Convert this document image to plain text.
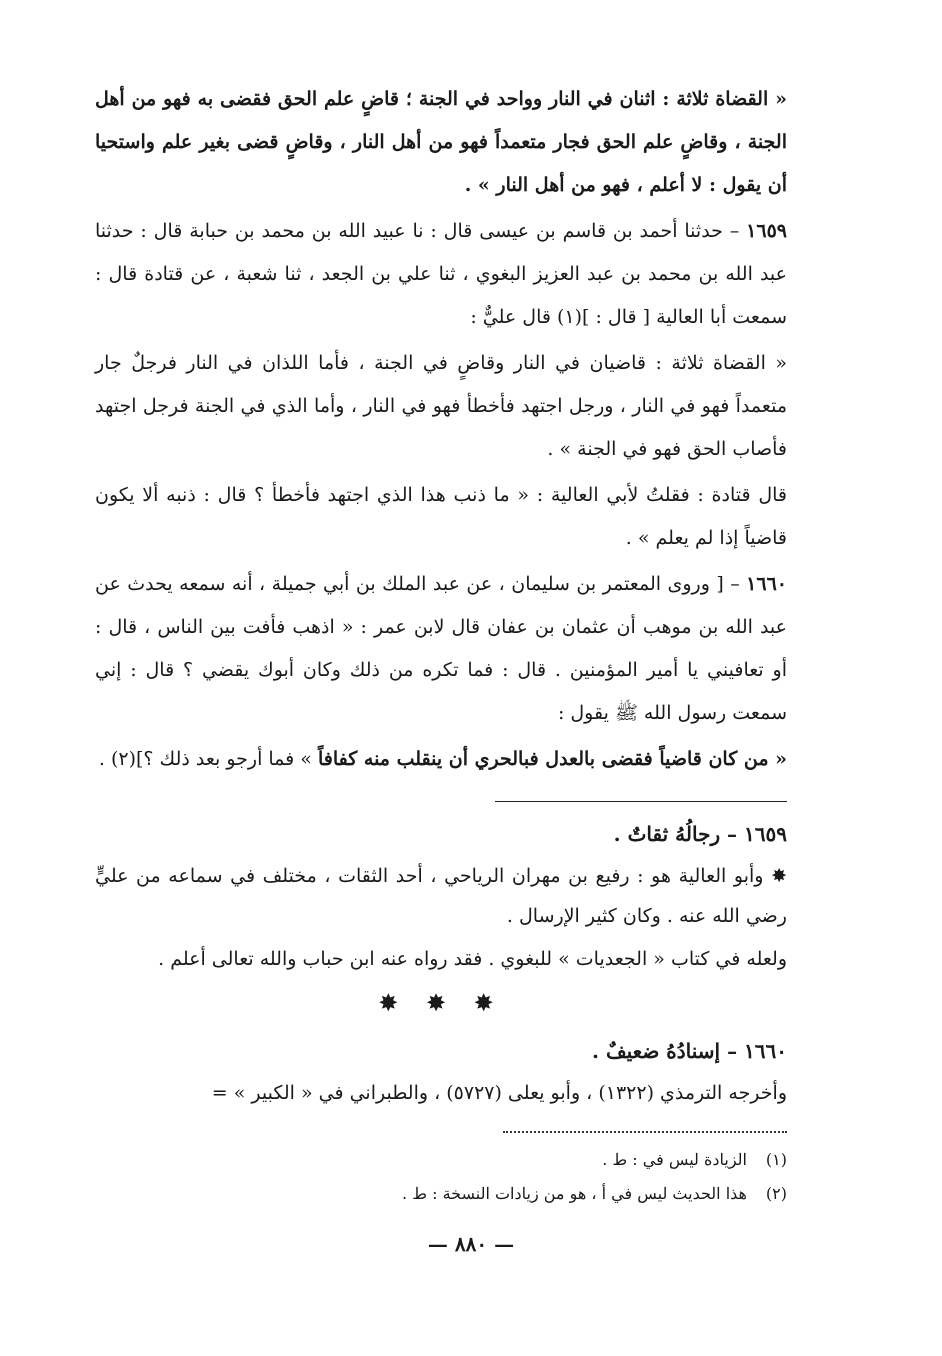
« القضاة ثلاثة : اثنان في النار وواحد في الجنة ؛ قاضٍ علم الحق فقضى به فهو من أهل الجنة ، وقاضٍ علم الحق فجار متعمداً فهو من أهل النار ، وقاضٍ قضى بغير علم واستحيا أن يقول : لا أعلم ، فهو من أهل النار » .

١٦٥٩ – حدثنا أحمد بن قاسم بن عيسى قال : نا عبيد الله بن محمد بن حبابة قال : حدثنا عبد الله بن محمد بن عبد العزيز البغوي ، ثنا علي بن الجعد ، ثنا شعبة ، عن قتادة قال : سمعت أبا العالية [ قال : ](١) قال عليٌّ :

« القضاة ثلاثة : قاضيان في النار وقاضٍ في الجنة ، فأما اللذان في النار فرجلٌ جار متعمداً فهو في النار ، ورجل اجتهد فأخطأ فهو في النار ، وأما الذي في الجنة فرجل اجتهد فأصاب الحق فهو في الجنة » .

قال قتادة : فقلتُ لأبي العالية : « ما ذنب هذا الذي اجتهد فأخطأ ؟ قال : ذنبه ألا يكون قاضياً إذا لم يعلم » .

١٦٦٠ – [ وروى المعتمر بن سليمان ، عن عبد الملك بن أبي جميلة ، أنه سمعه يحدث عن عبد الله بن موهب أن عثمان بن عفان قال لابن عمر : « اذهب فأفت بين الناس ، قال : أو تعافيني يا أمير المؤمنين . قال : فما تكره من ذلك وكان أبوك يقضي ؟ قال : إني سمعت رسول الله ﷺ يقول :

« من كان قاضياً فقضى بالعدل فبالحري أن ينقلب منه كفافاً » فما أرجو بعد ذلك ؟](٢) .

١٦٥٩ – رجالُهُ ثقاتٌ .

✸ وأبو العالية هو : رفيع بن مهران الرياحي ، أحد الثقات ، مختلف في سماعه من عليٍّ رضي الله عنه . وكان كثير الإرسال .

ولعله في كتاب « الجعديات » للبغوي . فقد رواه عنه ابن حباب والله تعالى أعلم .

✸ ✸ ✸

١٦٦٠ – إسنادُهُ ضعيفٌ .

وأخرجه الترمذي (١٣٢٢) ، وأبو يعلى (٥٧٢٧) ، والطبراني في « الكبير » =

(١)الزيادة ليس في : ط .

(٢)هذا الحديث ليس في أ ، هو من زيادات النسخة : ط .

— ٨٨٠ —
